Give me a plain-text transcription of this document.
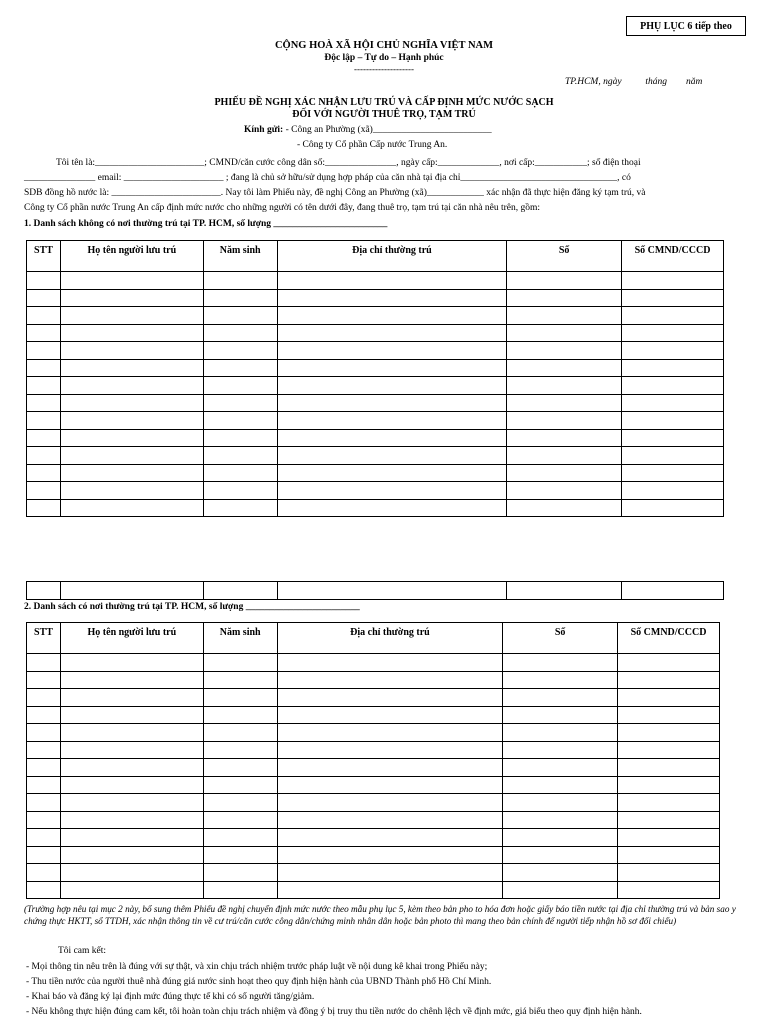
PHỤ LỤC 6 tiếp theo
CỘNG HOÀ XÃ HỘI CHỦ NGHĨA VIỆT NAM
Độc lập – Tự do – Hạnh phúc
--------------------
TP.HCM, ngày          tháng        năm
PHIẾU ĐỀ NGHỊ XÁC NHẬN LƯU TRÚ VÀ CẤP ĐỊNH MỨC NƯỚC SẠCH
ĐỐI VỚI NGƯỜI THUÊ TRỌ, TẠM TRÚ
Kính gửi: - Công an Phường (xã)_________________________
- Công ty Cổ phần Cấp nước Trung An.
Tôi tên là:_______________________; CMND/căn cước công dân số:_______________, ngày cấp:_____________, nơi cấp:___________; số điện thoại
_______________ email: _____________________ ; đang là chủ sở hữu/sử dụng hợp pháp của căn nhà tại địa chỉ_________________________________, có
SDB đồng hồ nước là: _______________________. Nay tôi làm Phiếu này, đề nghị Công an Phường (xã)____________ xác nhận đã thực hiện đăng ký tạm trú, và
Công ty Cổ phần nước Trung An cấp định mức nước cho những người có tên dưới đây, đang thuê trọ, tạm trú tại căn nhà nêu trên, gồm:
1. Danh sách không có nơi thường trú tại TP. HCM, số lượng ________________________
STT	Họ tên người lưu trú	Năm sinh	Địa chỉ thường trú	Số	Số CMND/CCCD

2. Danh sách có nơi thường trú tại TP. HCM, số lượng ________________________
STT	Họ tên người lưu trú	Năm sinh	Địa chỉ thường trú	Số	Số CMND/CCCD

(Trường hợp nêu tại mục 2 này, bổ sung thêm Phiếu đề nghị chuyển định mức nước theo mẫu phụ lục 5, kèm theo bản pho to hóa đơn hoặc giấy báo tiền nước tại địa chỉ thường trú và bản sao y chứng thực HKTT, sổ TTDH, xác nhận thông tin về cư trú/căn cước công dân/chứng minh nhân dân hoặc bản photo thì mang theo bản chính để người tiếp nhận hồ sơ đối chiếu)
Tôi cam kết:
- Mọi thông tin nêu trên là đúng với sự thật, và xin chịu trách nhiệm trước pháp luật về nội dung kê khai trong Phiếu này;
- Thu tiền nước của người thuê nhà đúng giá nước sinh hoạt theo quy định hiện hành của UBND Thành phố Hồ Chí Minh.
- Khai báo và đăng ký lại định mức đúng thực tế khi có số người tăng/giảm.
- Nếu không thực hiện đúng cam kết, tôi hoàn toàn chịu trách nhiệm và đồng ý bị truy thu tiền nước do chênh lệch về định mức, giá biểu theo quy định hiện hành.
